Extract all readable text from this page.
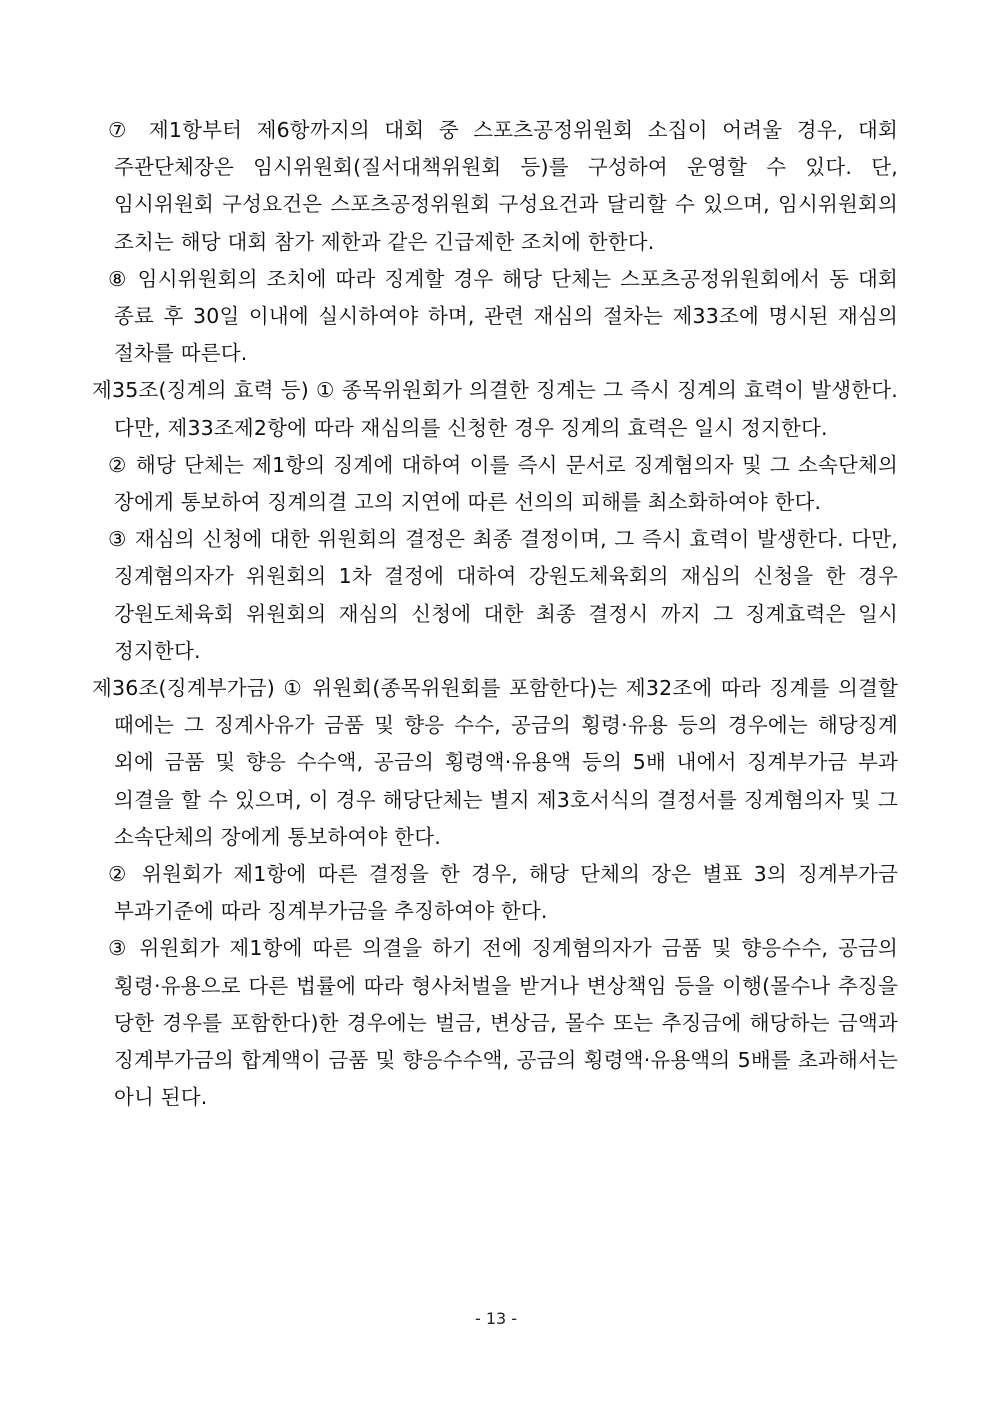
⑦ 제1항부터 제6항까지의 대회 중 스포츠공정위원회 소집이 어려울 경우, 대회 주관단체장은 임시위원회(질서대책위원회 등)를 구성하여 운영할 수 있다. 단, 임시위원회 구성요건은 스포츠공정위원회 구성요건과 달리할 수 있으며, 임시위원회의 조치는 해당 대회 참가 제한과 같은 긴급제한 조치에 한한다.

⑧ 임시위원회의 조치에 따라 징계할 경우 해당 단체는 스포츠공정위원회에서 동 대회 종료 후 30일 이내에 실시하여야 하며, 관련 재심의 절차는 제33조에 명시된 재심의 절차를 따른다.

제35조(징계의 효력 등) ① 종목위원회가 의결한 징계는 그 즉시 징계의 효력이 발생한다. 다만, 제33조제2항에 따라 재심의를 신청한 경우 징계의 효력은 일시 정지한다.

② 해당 단체는 제1항의 징계에 대하여 이를 즉시 문서로 징계혐의자 및 그 소속단체의 장에게 통보하여 징계의결 고의 지연에 따른 선의의 피해를 최소화하여야 한다.

③ 재심의 신청에 대한 위원회의 결정은 최종 결정이며, 그 즉시 효력이 발생한다. 다만, 징계혐의자가 위원회의 1차 결정에 대하여 강원도체육회의 재심의 신청을 한 경우 강원도체육회 위원회의 재심의 신청에 대한 최종 결정시 까지 그 징계효력은 일시 정지한다.

제36조(징계부가금) ① 위원회(종목위원회를 포함한다)는 제32조에 따라 징계를 의결할 때에는 그 징계사유가 금품 및 향응 수수, 공금의 횡령·유용 등의 경우에는 해당징계 외에 금품 및 향응 수수액, 공금의 횡령액·유용액 등의 5배 내에서 징계부가금 부과 의결을 할 수 있으며, 이 경우 해당단체는 별지 제3호서식의 결정서를 징계혐의자 및 그 소속단체의 장에게 통보하여야 한다.

② 위원회가 제1항에 따른 결정을 한 경우, 해당 단체의 장은 별표 3의 징계부가금 부과기준에 따라 징계부가금을 추징하여야 한다.

③ 위원회가 제1항에 따른 의결을 하기 전에 징계혐의자가 금품 및 향응수수, 공금의 횡령·유용으로 다른 법률에 따라 형사처벌을 받거나 변상책임 등을 이행(몰수나 추징을 당한 경우를 포함한다)한 경우에는 벌금, 변상금, 몰수 또는 추징금에 해당하는 금액과 징계부가금의 합계액이 금품 및 향응수수액, 공금의 횡령액·유용액의 5배를 초과해서는 아니 된다.

- 13 -
